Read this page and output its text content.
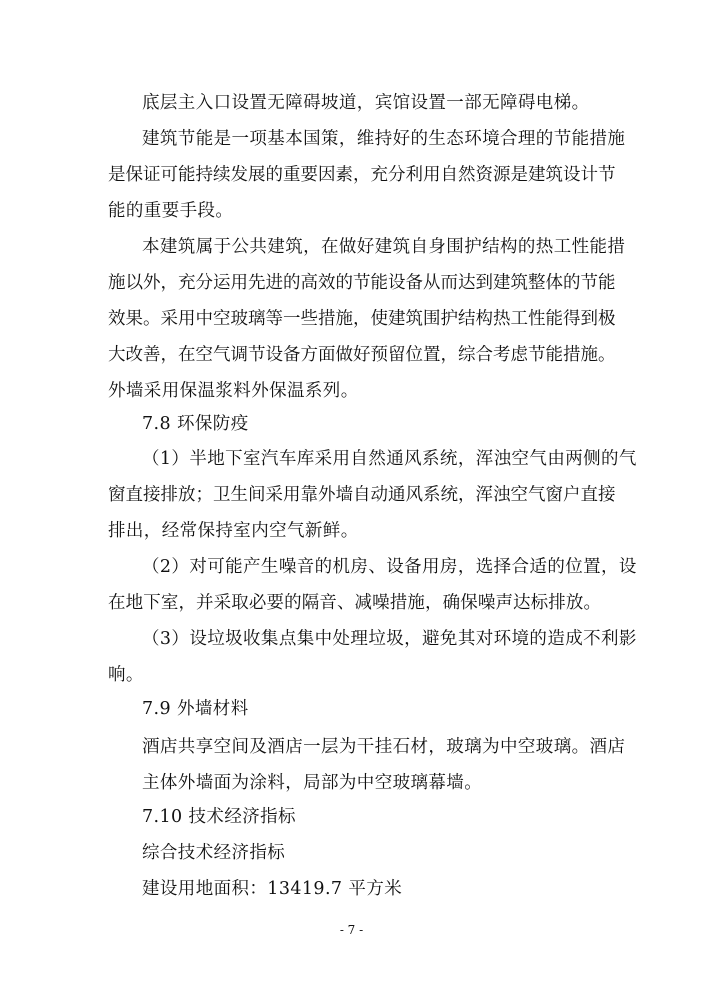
底层主入口设置无障碍坡道，宾馆设置一部无障碍电梯。
建筑节能是一项基本国策，维持好的生态环境合理的节能措施
是保证可能持续发展的重要因素，充分利用自然资源是建筑设计节
能的重要手段。
本建筑属于公共建筑，在做好建筑自身围护结构的热工性能措
施以外，充分运用先进的高效的节能设备从而达到建筑整体的节能
效果。采用中空玻璃等一些措施，使建筑围护结构热工性能得到极
大改善，在空气调节设备方面做好预留位置，综合考虑节能措施。
外墙采用保温浆料外保温系列。
7.8 环保防疫
（1）半地下室汽车库采用自然通风系统，浑浊空气由两侧的气
窗直接排放；卫生间采用靠外墙自动通风系统，浑浊空气窗户直接
排出，经常保持室内空气新鲜。
（2）对可能产生噪音的机房、设备用房，选择合适的位置，设
在地下室，并采取必要的隔音、减噪措施，确保噪声达标排放。
（3）设垃圾收集点集中处理垃圾，避免其对环境的造成不利影
响。
7.9 外墙材料
酒店共享空间及酒店一层为干挂石材，玻璃为中空玻璃。酒店
主体外墙面为涂料，局部为中空玻璃幕墙。
7.10 技术经济指标
综合技术经济指标
建设用地面积：13419.7 平方米
- 7 -
